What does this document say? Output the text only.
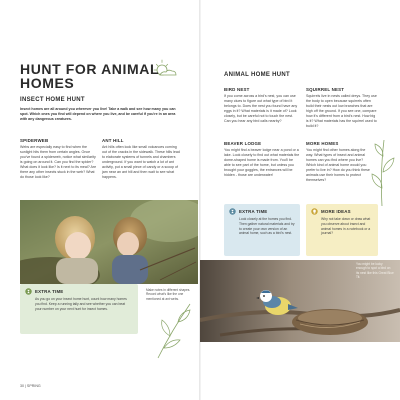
HUNT FOR ANIMAL HOMES
INSECT HOME HUNT
Insect homes are all around you wherever you live! Take a walk and see how many you can spot. Which ones you find will depend on where you live, and be careful if you're in an area with any dangerous creatures.
SPIDERWEB
Webs are especially easy to find when the sunlight hits them from certain angles. Once you've found a spiderweb, notice what similarity is going on around it. Can you find the spider? What does it look like? Is it next to its meal? Are there any other insects stuck in the web? What do those look like?
ANT HILL
Ant hills often look like small volcanoes coming out of the cracks in the sidewalk. These hills lead to elaborate systems of tunnels and chambers underground. If you want to watch a lot of ant activity, put a small piece of candy or a scoop of jam near an ant hill and then wait to see what happens.
EXTRA TIME
As you go on your insect home hunt, count how many homes you find. Keep a running tally and see whether you can beat your number on your next hunt for insect homes.
Make notes in different shapes. Record what's like the one mentioned at ant webs.
30 | SPRING
ANIMAL HOME HUNT
BIRD NEST
If you come across a bird's nest, you can use many clues to figure out what type of bird it belongs to. Does the nest you found have any eggs in it? What materials is it made of? Look closely, but be careful not to touch the nest. Can you hear any bird calls nearby?
SQUIRREL NEST
Squirrels live in nests called dreys. They use the body to open because squirrels often build their nests out low branches that are high off the ground. If you see one, compare how it's different from a bird's nest. How big is it? What materials has the squirrel used to build it?
BEAVER LODGE
You might find a beaver lodge near a pond or a lake. Look closely to find out what materials the dome-shaped home is made from. You'll be able to see part of the home, but unless you brought your goggles, the entrances will be hidden - those are underwater!
MORE HOMES
You might find other homes along the way. What types of insect and animal homes can you find where you live? Which kind of animal home would you prefer to live in? How do you think these animals use their homes to protect themselves?
EXTRA TIME
Look closely at the homes you find. Then gather natural materials and try to create your own version of an animal home, such as a bird's nest.
MORE IDEAS
Why not take down or draw what you observe about insect and animal homes in a notebook or a journal?
You might be lucky enough to spot a bird on its nest like this Great Blue Tit.
